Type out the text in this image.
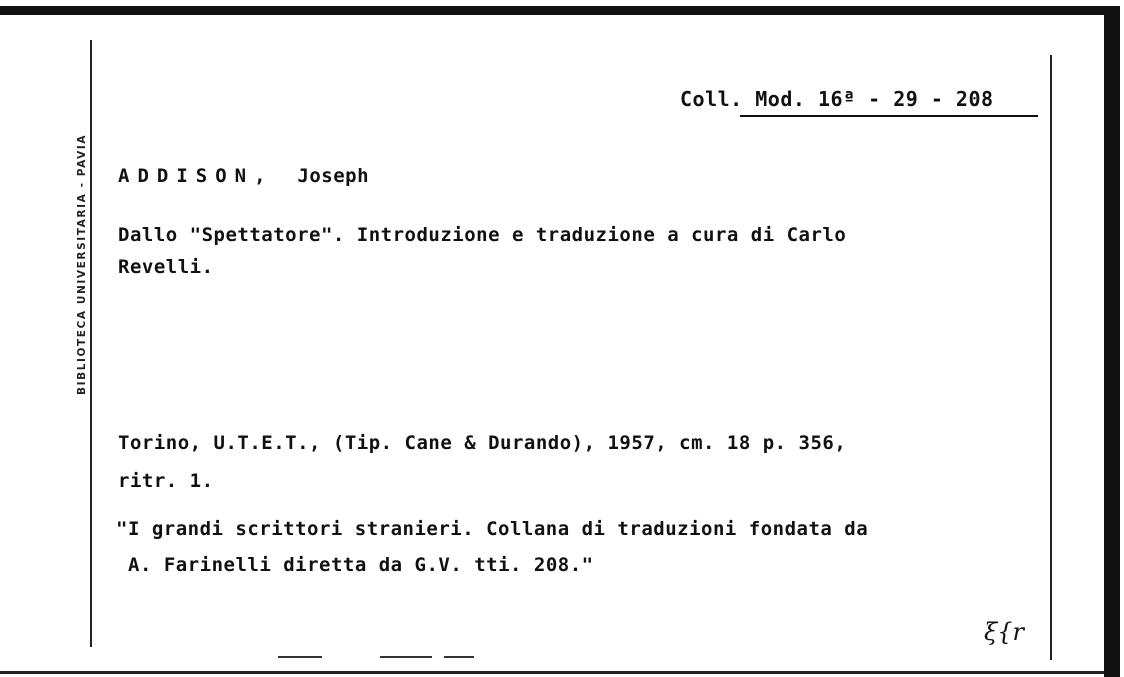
BIBLIOTECA UNIVERSITARIA - PAVIA
Coll. Mod. 16ª - 29 - 208
ADDISON, Joseph
Dallo "Spettatore". Introduzione e traduzione a cura di Carlo
Revelli.
Torino, U.T.E.T., (Tip. Cane & Durando), 1957, cm. 18 p. 356,
ritr. 1.
"I grandi scrittori stranieri. Collana di traduzioni fondata da
A. Farinelli diretta da G.V. tti. 208."
ξ{r
